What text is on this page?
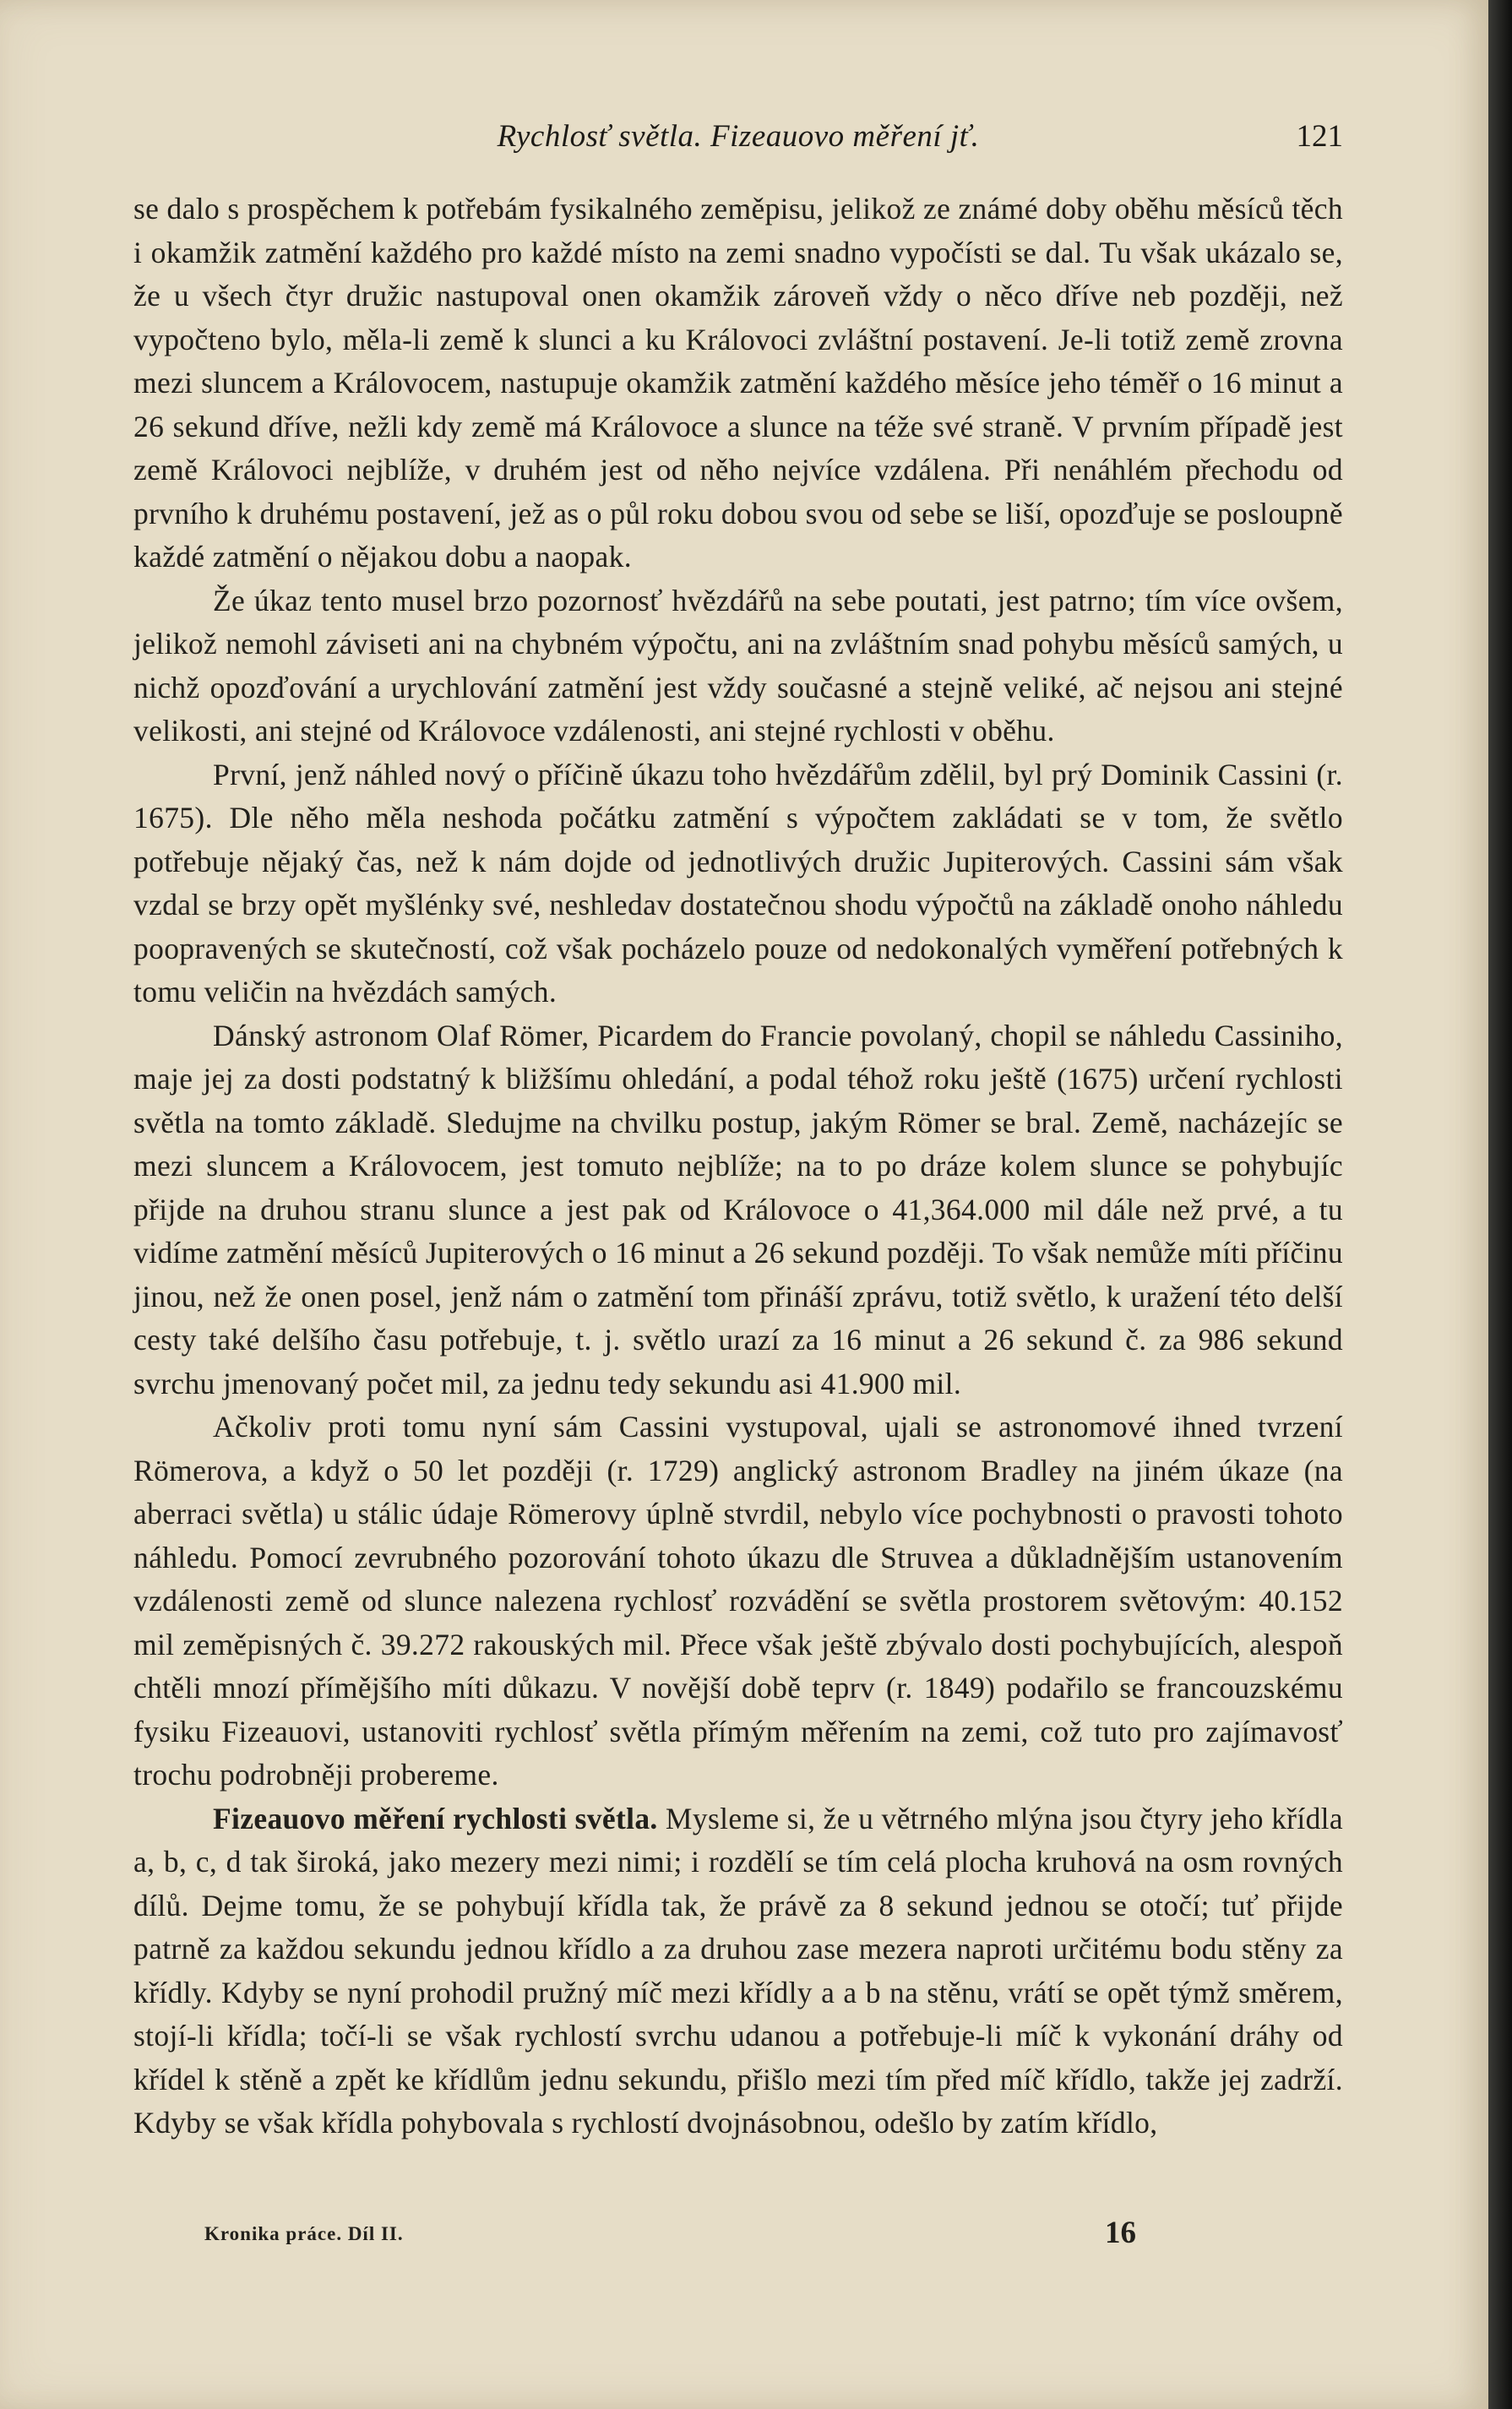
Rychlosť světla. Fizeauovo měření jť.	121

se dalo s prospěchem k potřebám fysikalného zeměpisu, jelikož ze známé doby oběhu měsíců těch i okamžik zatmění každého pro každé místo na zemi snadno vypočísti se dal. Tu však ukázalo se, že u všech čtyr družic nastupoval onen okamžik zároveň vždy o něco dříve neb později, než vypočteno bylo, měla-li země k slunci a ku Královoci zvláštní postavení. Je-li totiž země zrovna mezi sluncem a Královocem, nastupuje okamžik zatmění každého měsíce jeho téměř o 16 minut a 26 sekund dříve, nežli kdy země má Královoce a slunce na téže své straně. V prvním případě jest země Královoci nejblíže, v druhém jest od něho nejvíce vzdálena. Při nenáhlém přechodu od prvního k druhému postavení, jež as o půl roku dobou svou od sebe se liší, opozďuje se posloupně každé zatmění o nějakou dobu a naopak.

Že úkaz tento musel brzo pozornosť hvězdářů na sebe poutati, jest patrno; tím více ovšem, jelikož nemohl záviseti ani na chybném výpočtu, ani na zvláštním snad pohybu měsíců samých, u nichž opozďování a urychlování zatmění jest vždy současné a stejně veliké, ač nejsou ani stejné velikosti, ani stejné od Královoce vzdálenosti, ani stejné rychlosti v oběhu.

První, jenž náhled nový o příčině úkazu toho hvězdářům zdělil, byl prý Dominik Cassini (r. 1675). Dle něho měla neshoda počátku zatmění s výpočtem zakládati se v tom, že světlo potřebuje nějaký čas, než k nám dojde od jednotlivých družic Jupiterových. Cassini sám však vzdal se brzy opět myšlénky své, neshledav dostatečnou shodu výpočtů na základě onoho náhledu poopravených se skutečností, což však pocházelo pouze od nedokonalých vyměření potřebných k tomu veličin na hvězdách samých.

Dánský astronom Olaf Römer, Picardem do Francie povolaný, chopil se náhledu Cassiniho, maje jej za dosti podstatný k bližšímu ohledání, a podal téhož roku ještě (1675) určení rychlosti světla na tomto základě. Sledujme na chvilku postup, jakým Römer se bral. Země, nacházejíc se mezi sluncem a Královocem, jest tomuto nejblíže; na to po dráze kolem slunce se pohybujíc přijde na druhou stranu slunce a jest pak od Královoce o 41,364.000 mil dále než prvé, a tu vidíme zatmění měsíců Jupiterových o 16 minut a 26 sekund později. To však nemůže míti příčinu jinou, než že onen posel, jenž nám o zatmění tom přináší zprávu, totiž světlo, k uražení této delší cesty také delšího času potřebuje, t. j. světlo urazí za 16 minut a 26 sekund č. za 986 sekund svrchu jmenovaný počet mil, za jednu tedy sekundu asi 41.900 mil.

Ačkoliv proti tomu nyní sám Cassini vystupoval, ujali se astronomové ihned tvrzení Römerova, a když o 50 let později (r. 1729) anglický astronom Bradley na jiném úkaze (na aberraci světla) u stálic údaje Römerovy úplně stvrdil, nebylo více pochybnosti o pravosti tohoto náhledu. Pomocí zevrubného pozorování tohoto úkazu dle Struvea a důkladnějším ustanovením vzdálenosti země od slunce nalezena rychlosť rozvádění se světla prostorem světovým: 40.152 mil zeměpisných č. 39.272 rakouských mil. Přece však ještě zbývalo dosti pochybujících, alespoň chtěli mnozí přímějšího míti důkazu. V novější době teprv (r. 1849) podařilo se francouzskému fysiku Fizeauovi, ustanoviti rychlosť světla přímým měřením na zemi, což tuto pro zajímavosť trochu podrobněji probereme.

Fizeauovo měření rychlosti světla. Mysleme si, že u větrného mlýna jsou čtyry jeho křídla a, b, c, d tak široká, jako mezery mezi nimi; i rozdělí se tím celá plocha kruhová na osm rovných dílů. Dejme tomu, že se pohybují křídla tak, že právě za 8 sekund jednou se otočí; tuť přijde patrně za každou sekundu jednou křídlo a za druhou zase mezera naproti určitému bodu stěny za křídly. Kdyby se nyní prohodil pružný míč mezi křídly a a b na stěnu, vrátí se opět týmž směrem, stojí-li křídla; točí-li se však rychlostí svrchu udanou a potřebuje-li míč k vykonání dráhy od křídel k stěně a zpět ke křídlům jednu sekundu, přišlo mezi tím před míč křídlo, takže jej zadrží. Kdyby se však křídla pohybovala s rychlostí dvojnásobnou, odešlo by zatím křídlo,

Kronika práce. Díl II.	16
